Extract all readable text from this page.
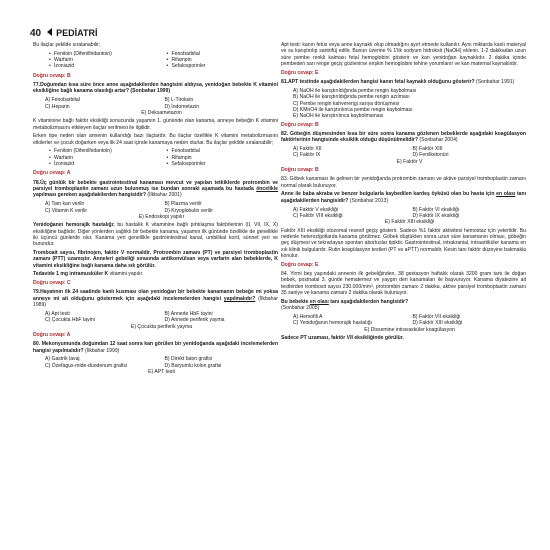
40 PEDİATRİ

Bu ilaçlar şekilde sıralanabilir;

• Fenitoin (Difenilhidantoin)	• Fenobarbital
• Warfarin	• Rifampin
• İzoniazid	• Sefalosporinler

Doğru cevap: B

77.Doğumdan kısa süre önce anne aşağıdakilerden hangisini aldıysa, yenidoğan bebekte K vitamini eksikliğine bağlı kanama olasılığı artar? (Sonbahar 1999)

A) Fenobarbital	B) L-Tiroksin
C) Heparin	D) İndometazin
E) Deksametazon

K vitaminine bağlı faktör eksikliği sonucunda yaşamın 1. gününde olan kanama, anneye bebeğin K vitamini metabolizmasını etkileyen ilaçlar verilmesi ile ilgilidir.

Erken tipe neden olan annenin kullandığı bazı ilaçlardır. Bu ilaçlar özellikle K vitamini metabolizmasını etkilerler ve çocuk doğarken veya ilk 24 saat içinde kanamaya neden olurlar. Bu ilaçlar şekilde sıralanabilir;

• Fenitoin (Difenilhidantoin)	• Fenobarbital
• Warfarin	• Rifampin
• İzoniazid	• Sefalosporinler

Doğru cevap: A

78.Üç günlük bir bebekte gastrointestinal kanaması mevcut ve yapılan tetkiklerde protrombin ve parsiyel tromboplastin zamanı uzun bulunmuş ise bundan sonraki aşamada bu hastada öncelikle yapılması gereken aşağıdakilerden hangisidir? (İlkbahar 2001)

A) Tam kan verilir	B) Plazma verilir
C) Vitamin K verilir	D) Kryoglobulin verilir
E) Endoskopi yapılır

Yenidoğanın hemorajik hastalığı; bu hastalık K vitaminine bağlı pıhtılaşma faktörlerinin (II, VII, IX, X) eksikliğine bağlıdır. Diğer yönlerden sağlıklı bir bebekte kanama, yaşamın ilk gününde özellikle de genellikle iki üçüncü günlerde olur. Kanama yeri genellikle gastrointestinal kanal, umbilikal kord, sünnet yeri ve burundur.

Tromboait sayısı, fibrinojen, faktör V normaldir. Protrombin zamanı (PT) ve parsiyel tromboplastin zamanı (PTT) uzamıştır. Anneleri gebeliği sırasında antikonvülsan veya varfarin alan bebeklerde, K vitamini eksikliğine bağlı kanama daha sık görülür.

Tedavide 1 mg intramusküler K vitamini yapılır.

Doğru cevap: C

79.Hayatının ilk 24 saatinde kanlı kusması olan yenidoğan bir bebekte kanamanın bebeğe mi yoksa anneye mi ait olduğunu göstermek için aşağıdaki incelemelerden hangisi yapılmalıdır? (İlkbahar 1989)

A) Apt testi	B) Annede HbF tayini
C) Çocukta HbF tayini	D) Annede periferik yayma
E) Çocukta periferik yayma

Doğru cevap: A

80. Mekonyumunda doğumdan 12 saat sonra kan görülen bir yenidoğanda aşağıdaki incelemelerden hangisi yapılmalıdır? (İlkbahar 1999)

A) Gastrik lavaj	B) Direkt batın grafisi
C) Özefagus-mide-duodenum grafisi	D) Baryumlu kolon grafisi
E) APT testi

Apt testi: kanın fetüs veya anne kaynaklı olup olmadığını ayırt etmede kullanılır. Aynı miktarda kanlı materyal ve su karıştırılıp santrifüj edilir. Bunun üzerine % 1'lik sodyum hidroksit (NaOH) eklenir. 1-2 dakikadan uzun süre pembe renkli kalması fetal hemoglobini gösterir ve kan yenidoğan kaynaklıdır. 2 dakika içinde pembeden sarı renge geçiş gözlenirse erişkin hemoglobini tehine yorumlanır ve kan maternal kaynaklıdır.

Doğru cevap: E

81.APT testinde aşağıdakilerden hangisi kanın fetal kaynaklı olduğunu gösterir? (Sonbahar 1991)

A) NaOH ile karıştırıldığında pembe rengin kaybolması
B) NaOH ile karıştırıldığında pembe rengin azılması
C) Pembe rengin kahverengi sarıya dönüşmesi
D) KMnO4 ile karıştırılınca pembe rengin kaybolması
E) NaOH ile karıştırılınca kaybolmaması

Doğru cevap: B

82. Göbeğin düşmesinden kısa bir süre sonra kanama gözlenen bebeklerde aşağıdaki koagülasyon faktörlerinin hangisinde eksiklik olduğu düşünülmelidir? (Sonbahar 2004)

A) Faktör XII	B) Faktör XIII
C) Faktör IX	D) Fenilketonüri
E) Faktör V

Doğru cevap: B

83. Göbek kanaması ile gelinen bir yenidoğanda protrombin zamanı ve aktive parsiyel tromboplastin zamanı normal olarak bulunuyor.

Anne ile baba akraba ve benzer bulgularla kaybedilen kardeş öyküsü olan bu hasta için en olası tanı aşağıdakilerden hangisidir? (Sonbahar 2013)

A) Faktör V eksikliği	B) Faktör VI eksikliği
C) Faktör VIII eksikliği	D) Faktör IX eksikliği
E) Faktör XIII eksikliği

Faktör XIII eksikliği otozomal resesif geçiş gösterir. Sadece %1 faktör aktivitesi hemostaz için yeterlidir. Bu nedenle heterozigotlarda kanama görülmez. Göbek düştükten sonra uzun süre kanamanın olması, göbeğin geç düşmesi ve tekrarlayan spontan abortuslar tipiktir. Gastrointestinal, intrakranial, intraartiküler kanama en sık klinik bulgulardır. Rutin koagülasyon testleri (PT ve aPTT) normaldir. Kesin tanı faktör düzeyine bakmakla konulur.

Doğru cevap: E

84. Yirmi beş yaşındaki annenin ilk gebeliğinden, 38 gestasyon haftalık olarak 3200 gram tartı ile doğan bebek, postnatal 3. günde hematemez ve yaygın deri kanamaları ile başvuruyor. Kanama diyatezine ait testlerden trombosit sayısı 230.000/mm³, protrombin zamanı 2 dakika, aktive parsiyel tromboplastin zamanı 35 saniye ve kanama zamanı 2 dakika olarak bulunuyor.

Bu bebekte en olası tanı aşağıdakilerden hangisidir?
(Sonbahar 2005)

A) Hemofili A	B) Faktör VII eksikliği
C) Yenidoğanın hemorajik hastalığı	D) Faktör XIII eksikliği
E) Dissemine intravasküler koagülasyon

Sadece PT uzaması, faktör VII eksikliğinde görülür.
